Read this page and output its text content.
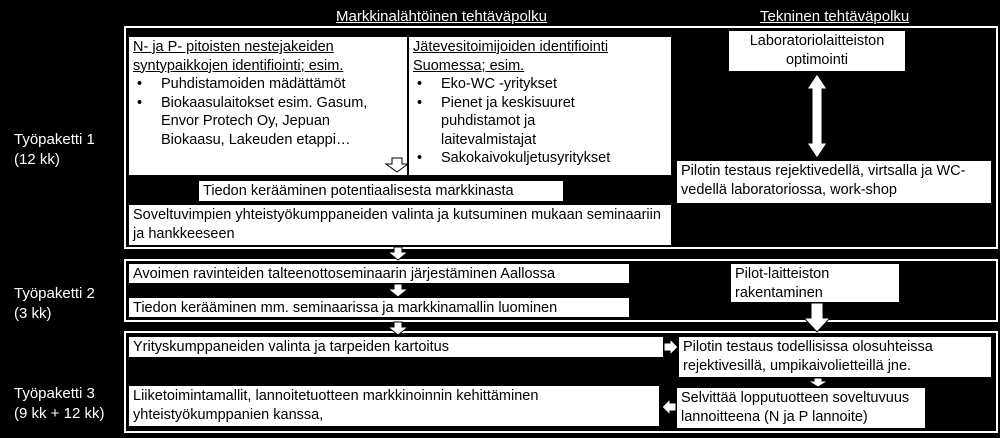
Markkinalähtöinen tehtäväpolku	Tekninen tehtäväpolku
Työpaketti 1
(12 kk)
Työpaketti 2
(3 kk)
Työpaketti 3
(9 kk + 12 kk)
N- ja P- pitoisten nestejakeiden
syntypaikkojen identifiointi; esim.
• Puhdistamoiden mädättämöt
• Biokaasulaitokset esim. Gasum, Envor Protech Oy, Jepuan Biokaasu, Lakeuden etappi…
Jätevesitoimijoiden identifiointi
Suomessa; esim.
• Eko-WC -yritykset
• Pienet ja keskisuuret puhdistamot ja laitevalmistajat
• Sakokaivokuljetusyritykset
Laboratoriolaitteiston optimointi
Pilotin testaus rejektivedellä, virtsalla ja WC-vedellä laboratoriossa, work-shop
Tiedon kerääminen potentiaalisesta markkinasta
Soveltuvimpien yhteistyökumppaneiden valinta ja kutsuminen mukaan seminaariin ja hankkeeseen
Avoimen ravinteiden talteenottoseminaarin järjestäminen Aallossa
Tiedon kerääminen mm. seminaarissa ja markkinamallin luominen
Pilot-laitteiston rakentaminen
Yrityskumppaneiden valinta ja tarpeiden kartoitus	Pilotin testaus todellisissa olosuhteissa rejektivesillä, umpikaivolietteillä jne.
Liiketoimintamallit, lannoitetuotteen markkinoinnin kehittäminen yhteistyökumppanien kanssa,
Selvittää lopputuotteen soveltuvuus lannoitteena (N ja P lannoite)
